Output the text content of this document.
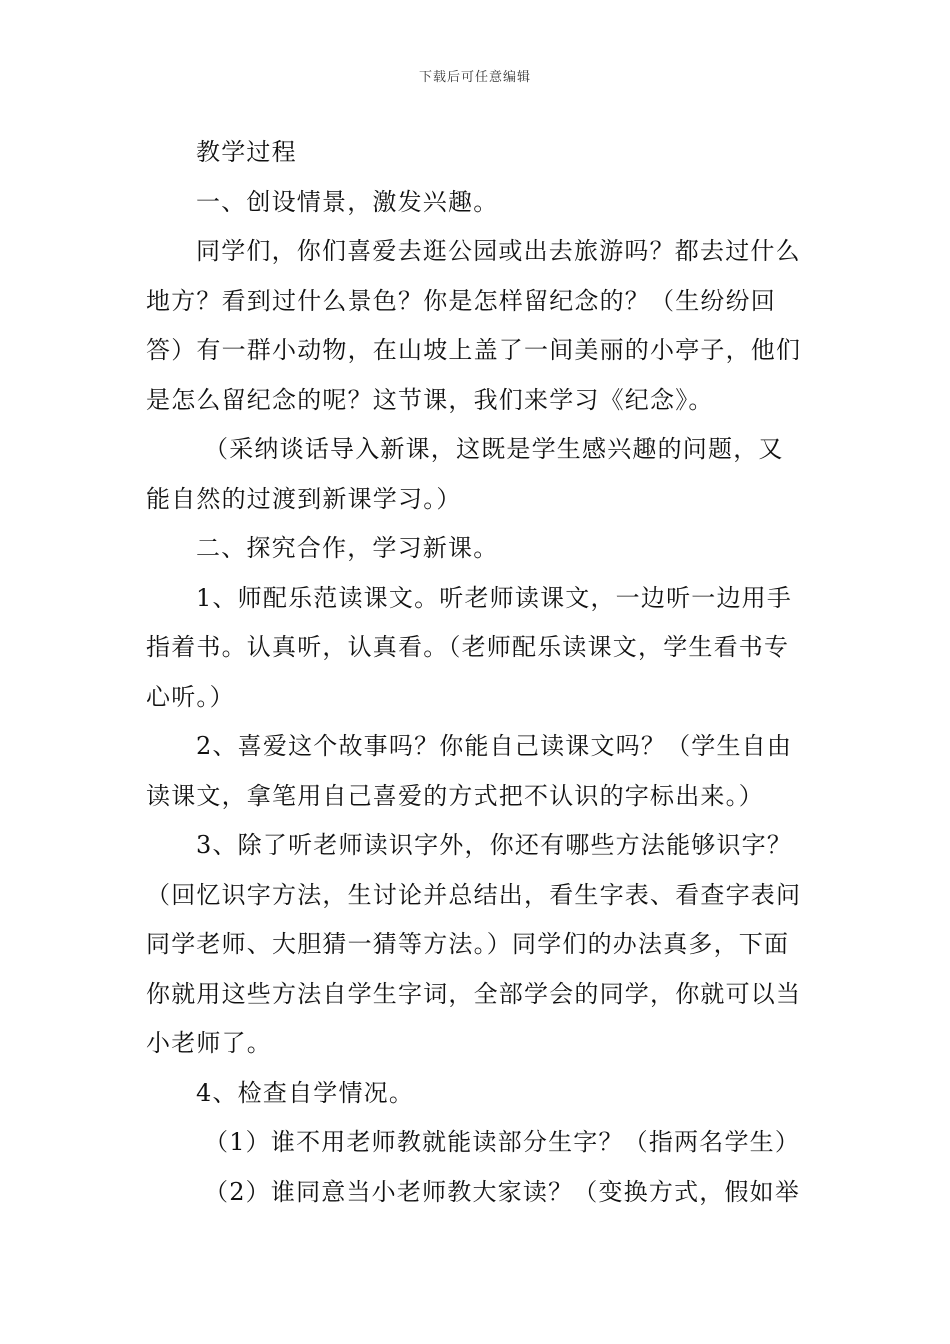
下载后可任意编辑

教学过程

一、创设情景，激发兴趣。

同学们，你们喜爱去逛公园或出去旅游吗？都去过什么地方？看到过什么景色？你是怎样留纪念的？（生纷纷回答）有一群小动物，在山坡上盖了一间美丽的小亭子，他们是怎么留纪念的呢？这节课，我们来学习《纪念》。

（采纳谈话导入新课，这既是学生感兴趣的问题，又能自然的过渡到新课学习。）

二、探究合作，学习新课。

1、师配乐范读课文。听老师读课文，一边听一边用手指着书。认真听，认真看。（老师配乐读课文，学生看书专心听。）

2、喜爱这个故事吗？你能自己读课文吗？（学生自由读课文，拿笔用自己喜爱的方式把不认识的字标出来。）

3、除了听老师读识字外，你还有哪些方法能够识字？（回忆识字方法，生讨论并总结出，看生字表、看查字表问同学老师、大胆猜一猜等方法。）同学们的办法真多，下面你就用这些方法自学生字词，全部学会的同学，你就可以当小老师了。

4、检查自学情况。

（1）谁不用老师教就能读部分生字？（指两名学生）

（2）谁同意当小老师教大家读？（变换方式，假如举
